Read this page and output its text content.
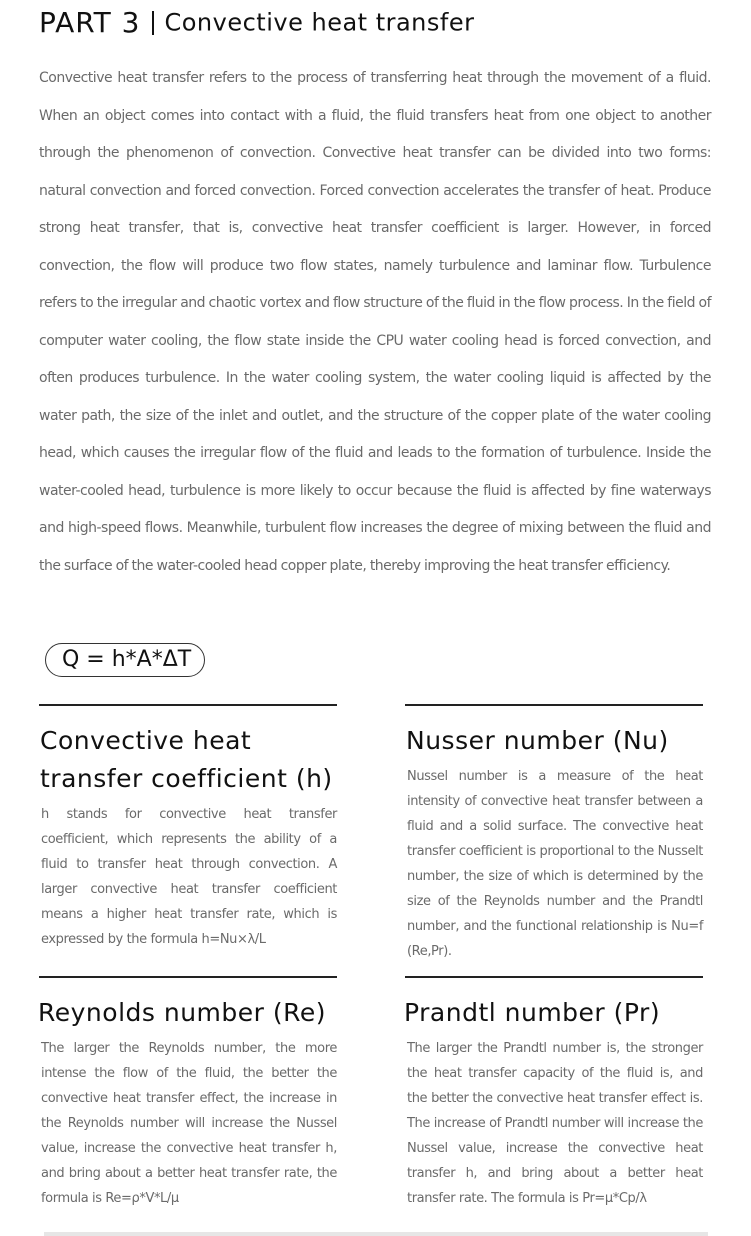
PART 3 Convective heat transfer

Convective heat transfer refers to the process of transferring heat through the movement of a fluid. When an object comes into contact with a fluid, the fluid transfers heat from one object to another through the phenomenon of convection. Convective heat transfer can be divided into two forms: natural convection and forced convection. Forced convection accelerates the transfer of heat. Produce strong heat transfer, that is, convective heat transfer coefficient is larger. However, in forced convection, the flow will produce two flow states, namely turbulence and laminar flow. Turbulence refers to the irregular and chaotic vortex and flow structure of the fluid in the flow process. In the field of computer water cooling, the flow state inside the CPU water cooling head is forced convection, and often produces turbulence. In the water cooling system, the water cooling liquid is affected by the water path, the size of the inlet and outlet, and the structure of the copper plate of the water cooling head, which causes the irregular flow of the fluid and leads to the formation of turbulence. Inside the water-cooled head, turbulence is more likely to occur because the fluid is affected by fine waterways and high-speed flows. Meanwhile, turbulent flow increases the degree of mixing between the fluid and the surface of the water-cooled head copper plate, thereby improving the heat transfer efficiency.

Q = h*A*ΔT
Convective heat transfer coefficient (h)

h stands for convective heat transfer coefficient, which represents the ability of a fluid to transfer heat through convection. A larger convective heat transfer coefficient means a higher heat transfer rate, which is expressed by the formula h=Nu×λ/L

Nusser number (Nu)

Nussel number is a measure of the heat intensity of convective heat transfer between a fluid and a solid surface. The convective heat transfer coefficient is proportional to the Nusselt number, the size of which is determined by the size of the Reynolds number and the Prandtl number, and the functional relationship is Nu=f (Re,Pr).

Reynolds number (Re)

The larger the Reynolds number, the more intense the flow of the fluid, the better the convective heat transfer effect, the increase in the Reynolds number will increase the Nussel value, increase the convective heat transfer h, and bring about a better heat transfer rate, the formula is Re=ρ*V*L/μ

Prandtl number (Pr)

The larger the Prandtl number is, the stronger the heat transfer capacity of the fluid is, and the better the convective heat transfer effect is. The increase of Prandtl number will increase the Nussel value, increase the convective heat transfer h, and bring about a better heat transfer rate. The formula is Pr=μ*Cp/λ
